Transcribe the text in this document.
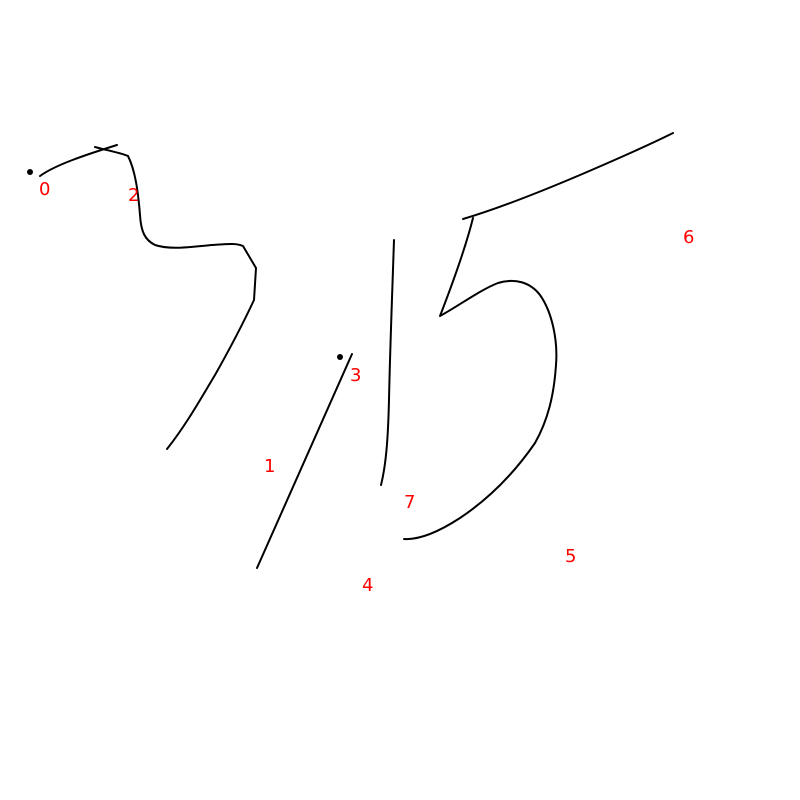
0
1
2
3
4
5
6
7
